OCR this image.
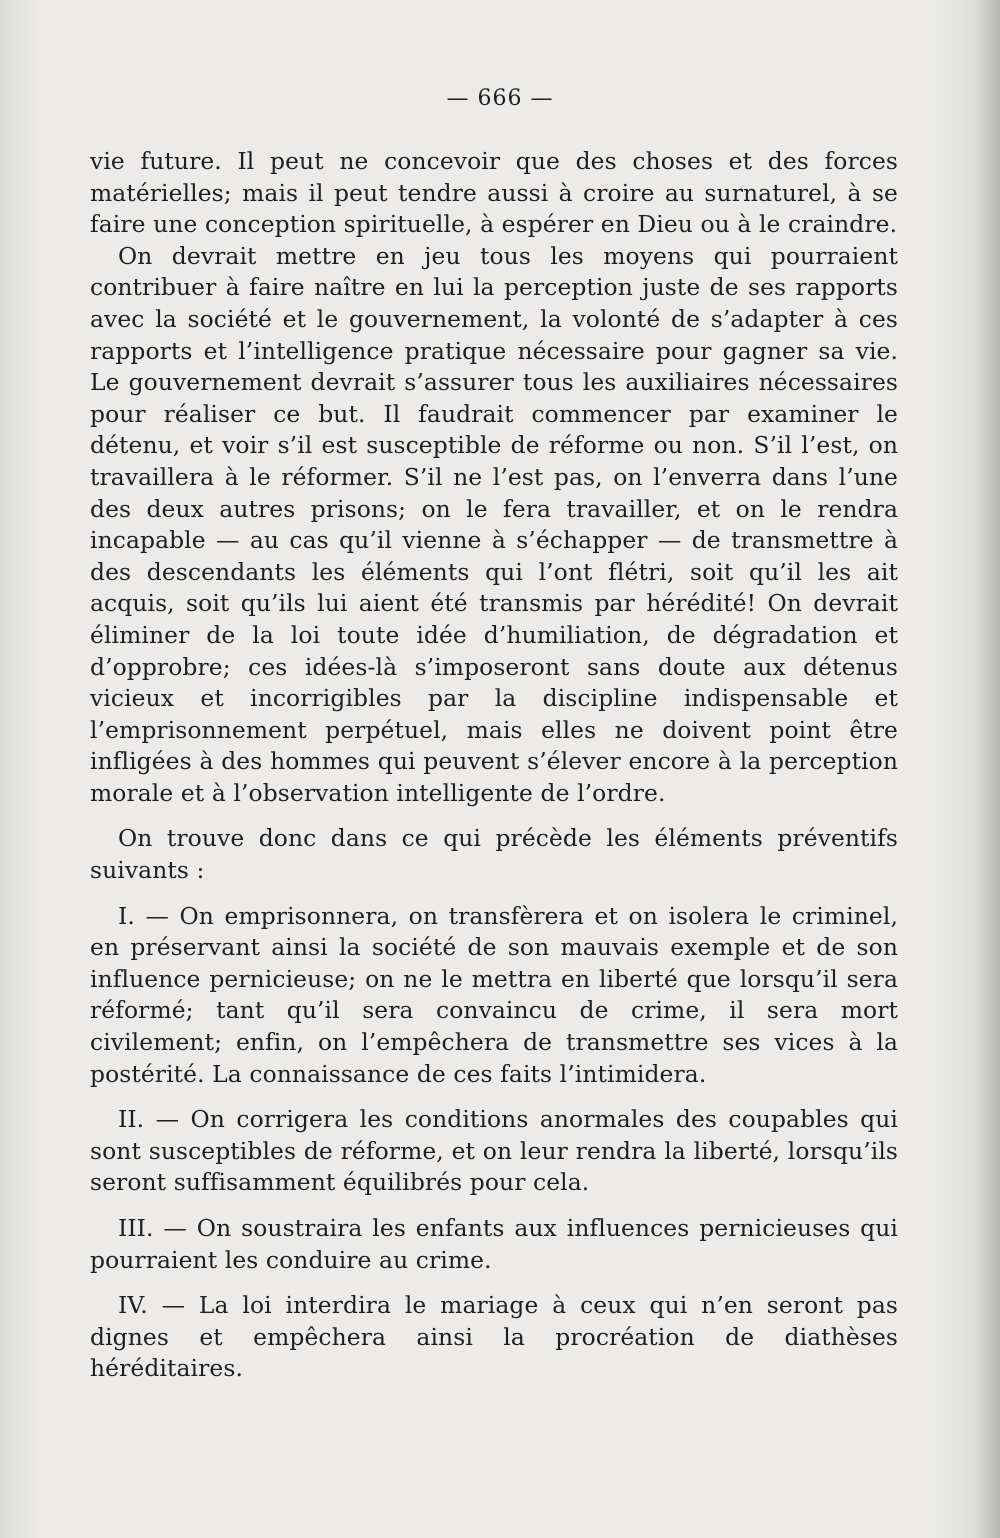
— 666 —

vie future. Il peut ne concevoir que des choses et des forces matérielles; mais il peut tendre aussi à croire au surnaturel, à se faire une conception spirituelle, à espérer en Dieu ou à le craindre.

On devrait mettre en jeu tous les moyens qui pourraient contribuer à faire naître en lui la perception juste de ses rapports avec la société et le gouvernement, la volonté de s’adapter à ces rapports et l’intelligence pratique nécessaire pour gagner sa vie. Le gouvernement devrait s’assurer tous les auxiliaires nécessaires pour réaliser ce but. Il faudrait commencer par examiner le détenu, et voir s’il est susceptible de réforme ou non. S’il l’est, on travaillera à le réformer. S’il ne l’est pas, on l’enverra dans l’une des deux autres prisons; on le fera travailler, et on le rendra incapable — au cas qu’il vienne à s’échapper — de transmettre à des descendants les éléments qui l’ont flétri, soit qu’il les ait acquis, soit qu’ils lui aient été transmis par hérédité! On devrait éliminer de la loi toute idée d’humiliation, de dégradation et d’opprobre; ces idées-là s’imposeront sans doute aux détenus vicieux et incorrigibles par la discipline indispensable et l’emprisonnement perpétuel, mais elles ne doivent point être infligées à des hommes qui peuvent s’élever encore à la perception morale et à l’observation intelligente de l’ordre.

On trouve donc dans ce qui précède les éléments préventifs suivants :

I. — On emprisonnera, on transfèrera et on isolera le criminel, en préservant ainsi la société de son mauvais exemple et de son influence pernicieuse; on ne le mettra en liberté que lorsqu’il sera réformé; tant qu’il sera convaincu de crime, il sera mort civilement; enfin, on l’empêchera de transmettre ses vices à la postérité. La connaissance de ces faits l’intimidera.

II. — On corrigera les conditions anormales des coupables qui sont susceptibles de réforme, et on leur rendra la liberté, lorsqu’ils seront suffisamment équilibrés pour cela.

III. — On soustraira les enfants aux influences pernicieuses qui pourraient les conduire au crime.

IV. — La loi interdira le mariage à ceux qui n’en seront pas dignes et empêchera ainsi la procréation de diathèses héréditaires.
